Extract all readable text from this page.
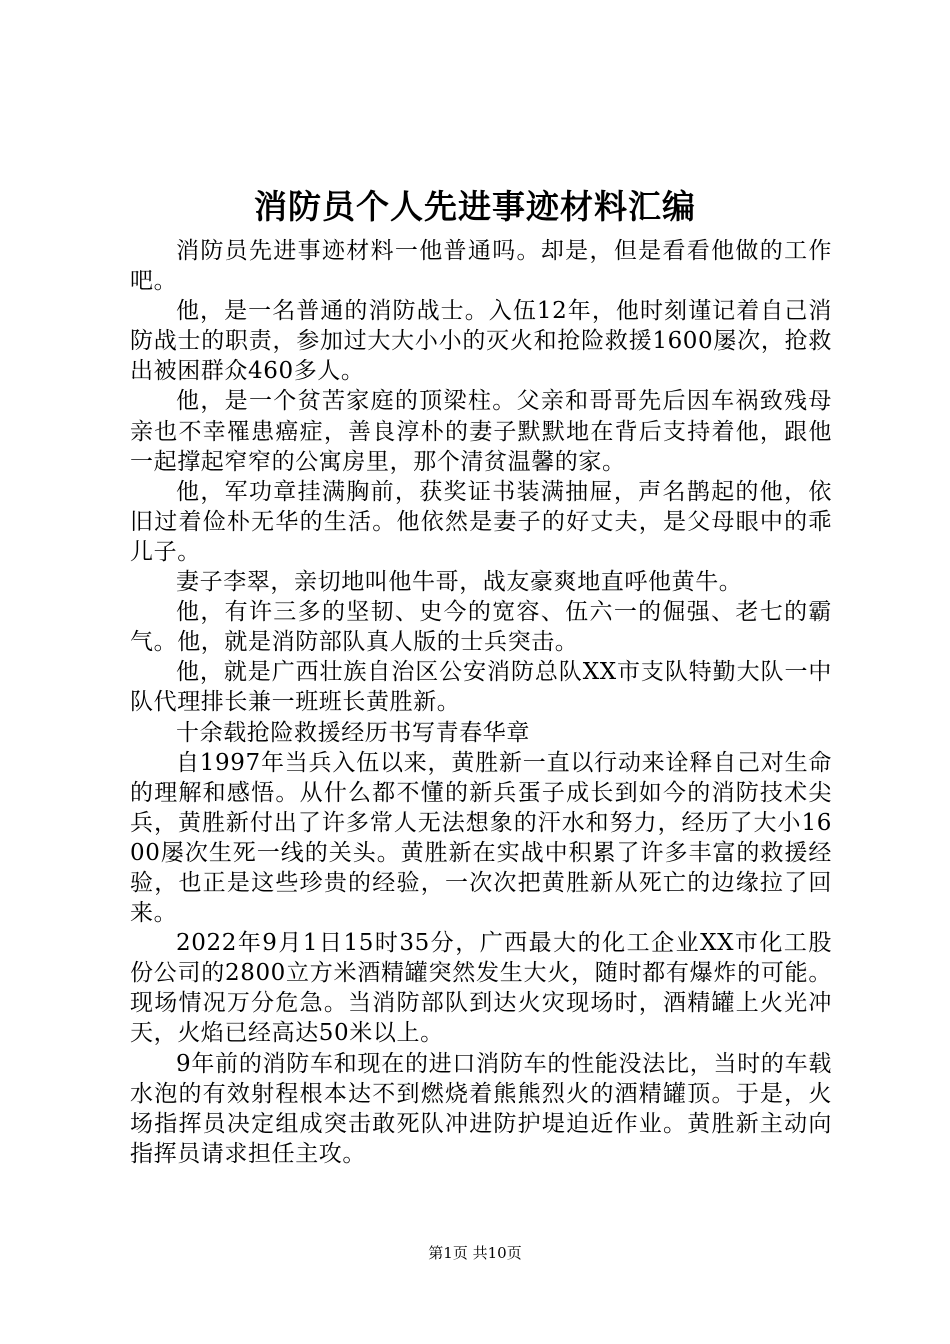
消防员个人先进事迹材料汇编

消防员先进事迹材料一他普通吗。却是，但是看看他做的工作吧。

他，是一名普通的消防战士。入伍12年，他时刻谨记着自己消防战士的职责，参加过大大小小的灭火和抢险救援1600屡次，抢救出被困群众460多人。

他，是一个贫苦家庭的顶梁柱。父亲和哥哥先后因车祸致残母亲也不幸罹患癌症，善良淳朴的妻子默默地在背后支持着他，跟他一起撑起窄窄的公寓房里，那个清贫温馨的家。

他，军功章挂满胸前，获奖证书装满抽屉，声名鹊起的他，依旧过着俭朴无华的生活。他依然是妻子的好丈夫，是父母眼中的乖儿子。

妻子李翠，亲切地叫他牛哥，战友豪爽地直呼他黄牛。

他，有许三多的坚韧、史今的宽容、伍六一的倔强、老七的霸气。他，就是消防部队真人版的士兵突击。

他，就是广西壮族自治区公安消防总队XX市支队特勤大队一中队代理排长兼一班班长黄胜新。

十余载抢险救援经历书写青春华章

自1997年当兵入伍以来，黄胜新一直以行动来诠释自己对生命的理解和感悟。从什么都不懂的新兵蛋子成长到如今的消防技术尖兵，黄胜新付出了许多常人无法想象的汗水和努力，经历了大小1600屡次生死一线的关头。黄胜新在实战中积累了许多丰富的救援经验，也正是这些珍贵的经验，一次次把黄胜新从死亡的边缘拉了回来。

2022年9月1日15时35分，广西最大的化工企业XX市化工股份公司的2800立方米酒精罐突然发生大火，随时都有爆炸的可能。现场情况万分危急。当消防部队到达火灾现场时，酒精罐上火光冲天，火焰已经高达50米以上。

9年前的消防车和现在的进口消防车的性能没法比，当时的车载水泡的有效射程根本达不到燃烧着熊熊烈火的酒精罐顶。于是，火场指挥员决定组成突击敢死队冲进防护堤迫近作业。黄胜新主动向指挥员请求担任主攻。

第1页 共10页
